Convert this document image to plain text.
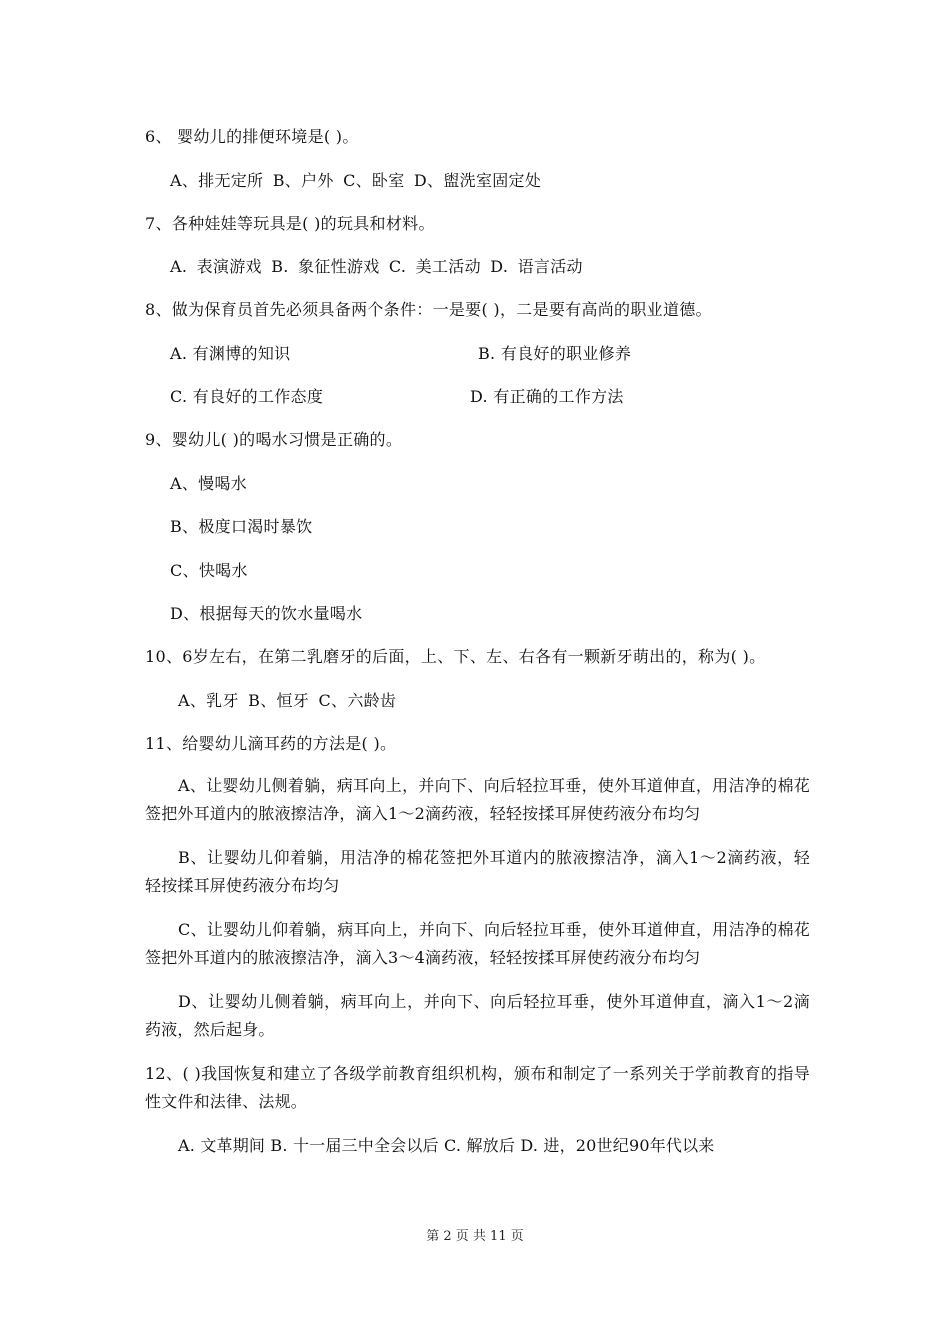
6、 婴幼儿的排便环境是( )。
A、排无定所 B、户外 C、卧室 D、盥洗室固定处
7、各种娃娃等玩具是( )的玩具和材料。
A. 表演游戏 B. 象征性游戏 C. 美工活动 D. 语言活动
8、做为保育员首先必须具备两个条件：一是要( )，二是要有高尚的职业道德。
A. 有渊博的知识	B. 有良好的职业修养
C. 有良好的工作态度	D. 有正确的工作方法
9、婴幼儿( )的喝水习惯是正确的。
A、慢喝水
B、极度口渴时暴饮
C、快喝水
D、根据每天的饮水量喝水
10、6岁左右，在第二乳磨牙的后面，上、下、左、右各有一颗新牙萌出的，称为( )。
A、乳牙 B、恒牙 C、六龄齿
11、给婴幼儿滴耳药的方法是( )。
A、让婴幼儿侧着躺，病耳向上，并向下、向后轻拉耳垂，使外耳道伸直，用洁净的棉花签把外耳道内的脓液擦洁净，滴入1～2滴药液，轻轻按揉耳屏使药液分布均匀
B、让婴幼儿仰着躺，用洁净的棉花签把外耳道内的脓液擦洁净，滴入1～2滴药液，轻轻按揉耳屏使药液分布均匀
C、让婴幼儿仰着躺，病耳向上，并向下、向后轻拉耳垂，使外耳道伸直，用洁净的棉花签把外耳道内的脓液擦洁净，滴入3～4滴药液，轻轻按揉耳屏使药液分布均匀
D、让婴幼儿侧着躺，病耳向上，并向下、向后轻拉耳垂，使外耳道伸直，滴入1～2滴药液，然后起身。
12、( )我国恢复和建立了各级学前教育组织机构，颁布和制定了一系列关于学前教育的指导性文件和法律、法规。
A. 文革期间 B. 十一届三中全会以后 C. 解放后 D. 进，20世纪90年代以来
第 2 页 共 11 页
